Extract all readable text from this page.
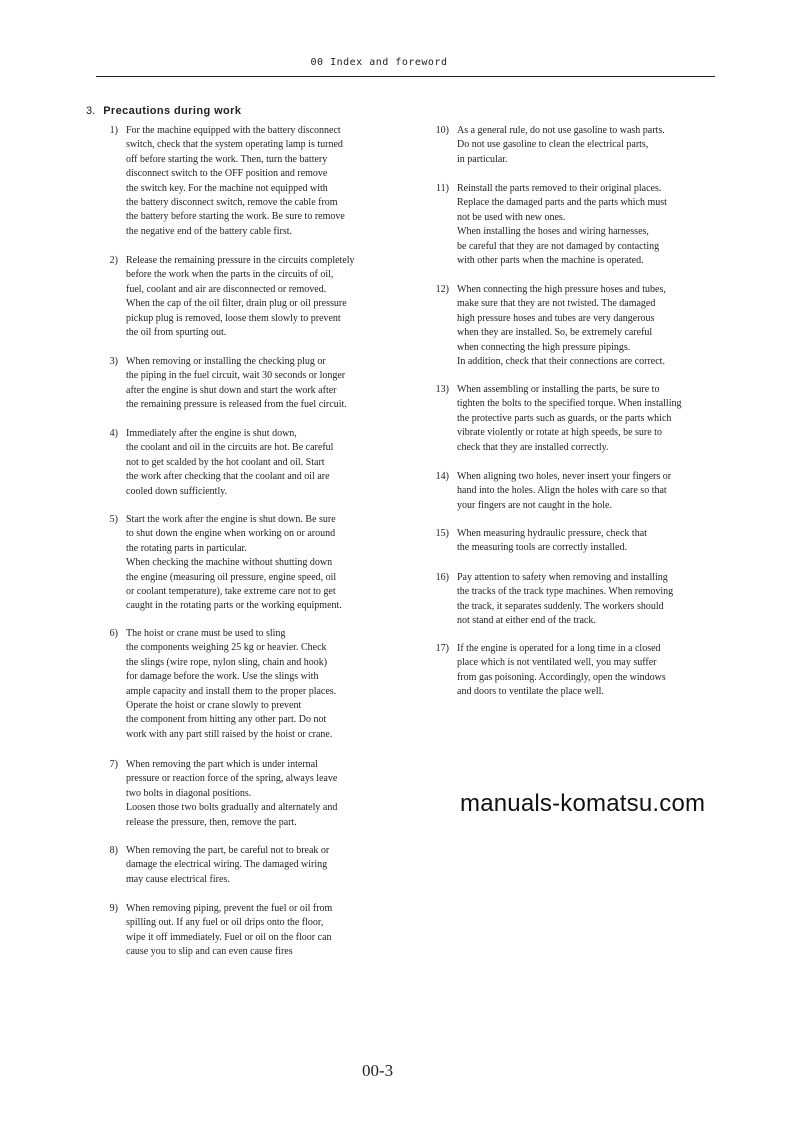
00 Index and foreword
3. Precautions during work
1) For the machine equipped with the battery disconnect
switch, check that the system operating lamp is turned
off before starting the work. Then, turn the battery
disconnect switch to the OFF position and remove
the switch key. For the machine not equipped with
the battery disconnect switch, remove the cable from
the battery before starting the work. Be sure to remove
the negative end of the battery cable first.
2) Release the remaining pressure in the circuits completely
before the work when the parts in the circuits of oil,
fuel, coolant and air are disconnected or removed.
When the cap of the oil filter, drain plug or oil pressure
pickup plug is removed, loose them slowly to prevent
the oil from spurting out.
3) When removing or installing the checking plug or
the piping in the fuel circuit, wait 30 seconds or longer
after the engine is shut down and start the work after
the remaining pressure is released from the fuel circuit.
4) Immediately after the engine is shut down,
the coolant and oil in the circuits are hot. Be careful
not to get scalded by the hot coolant and oil. Start
the work after checking that the coolant and oil are
cooled down sufficiently.
5) Start the work after the engine is shut down. Be sure
to shut down the engine when working on or around
the rotating parts in particular.
When checking the machine without shutting down
the engine (measuring oil pressure, engine speed, oil
or coolant temperature), take extreme care not to get
caught in the rotating parts or the working equipment.
6) The hoist or crane must be used to sling
the components weighing 25 kg or heavier. Check
the slings (wire rope, nylon sling, chain and hook)
for damage before the work. Use the slings with
ample capacity and install them to the proper places.
Operate the hoist or crane slowly to prevent
the component from hitting any other part. Do not
work with any part still raised by the hoist or crane.
7) When removing the part which is under internal
pressure or reaction force of the spring, always leave
two bolts in diagonal positions.
Loosen those two bolts gradually and alternately and
release the pressure, then, remove the part.
8) When removing the part, be careful not to break or
damage the electrical wiring. The damaged wiring
may cause electrical fires.
9) When removing piping, prevent the fuel or oil from
spilling out. If any fuel or oil drips onto the floor,
wipe it off immediately. Fuel or oil on the floor can
cause you to slip and can even cause fires
10) As a general rule, do not use gasoline to wash parts.
Do not use gasoline to clean the electrical parts,
in particular.
11) Reinstall the parts removed to their original places.
Replace the damaged parts and the parts which must
not be used with new ones.
When installing the hoses and wiring harnesses,
be careful that they are not damaged by contacting
with other parts when the machine is operated.
12) When connecting the high pressure hoses and tubes,
make sure that they are not twisted. The damaged
high pressure hoses and tubes are very dangerous
when they are installed. So, be extremely careful
when connecting the high pressure pipings.
In addition, check that their connections are correct.
13) When assembling or installing the parts, be sure to
tighten the bolts to the specified torque. When installing
the protective parts such as guards, or the parts which
vibrate violently or rotate at high speeds, be sure to
check that they are installed correctly.
14) When aligning two holes, never insert your fingers or
hand into the holes. Align the holes with care so that
your fingers are not caught in the hole.
15) When measuring hydraulic pressure, check that
the measuring tools are correctly installed.
16) Pay attention to safety when removing and installing
the tracks of the track type machines. When removing
the track, it separates suddenly. The workers should
not stand at either end of the track.
17) If the engine is operated for a long time in a closed
place which is not ventilated well, you may suffer
from gas poisoning. Accordingly, open the windows
and doors to ventilate the place well.
manuals-komatsu.com
00-3
